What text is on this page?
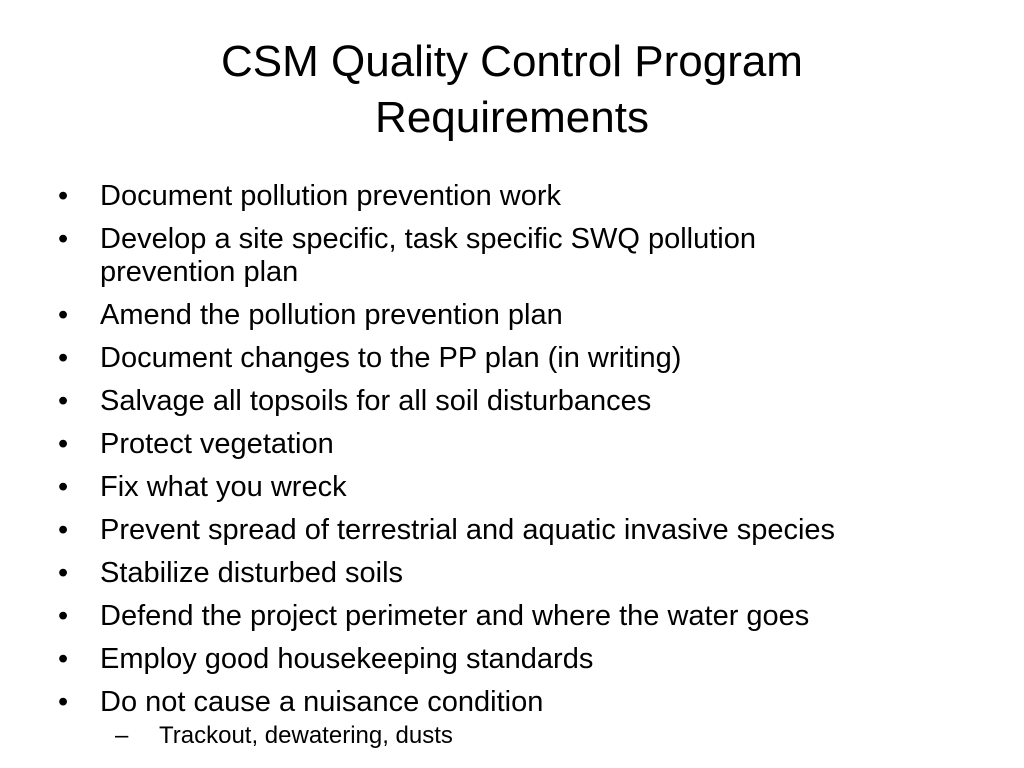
CSM Quality Control Program
Requirements
•	Document pollution prevention work
•	Develop a site specific, task specific SWQ pollution
prevention plan
•	Amend the pollution prevention plan
•	Document changes to the PP plan (in writing)
•	Salvage all topsoils for all soil disturbances
•	Protect vegetation
•	Fix what you wreck
•	Prevent spread of terrestrial and aquatic invasive species
•	Stabilize disturbed soils
•	Defend the project perimeter and where the water goes
•	Employ good housekeeping standards
•	Do not cause a nuisance condition
– Trackout, dewatering, dusts
